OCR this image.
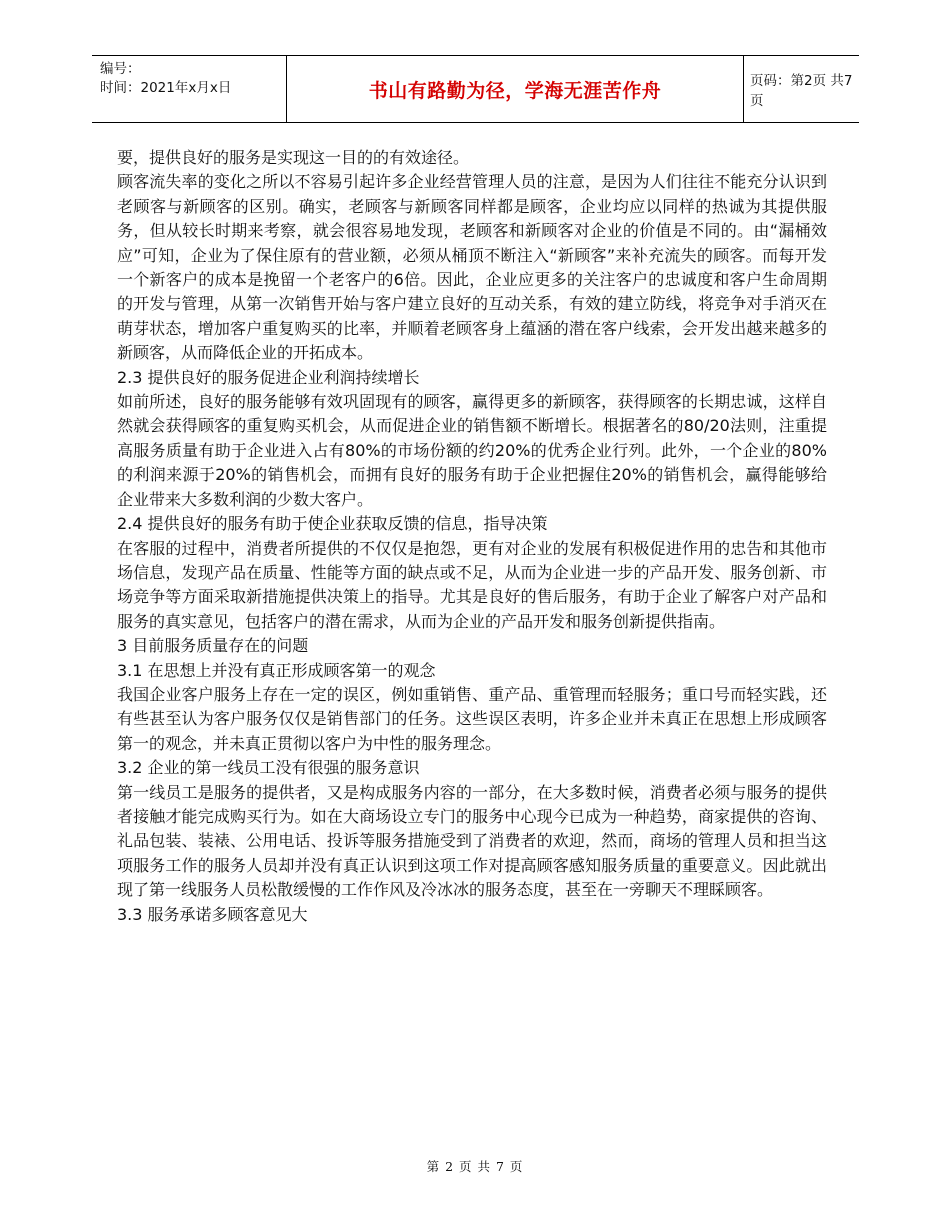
编号：
时间：2021年x月x日	书山有路勤为径，学海无涯苦作舟	页码：第2页 共7页

要，提供良好的服务是实现这一目的的有效途径。

顾客流失率的变化之所以不容易引起许多企业经营管理人员的注意，是因为人们往往不能充分认识到老顾客与新顾客的区别。确实，老顾客与新顾客同样都是顾客，企业均应以同样的热诚为其提供服务，但从较长时期来考察，就会很容易地发现，老顾客和新顾客对企业的价值是不同的。由“漏桶效应”可知，企业为了保住原有的营业额，必须从桶顶不断注入“新顾客”来补充流失的顾客。而每开发一个新客户的成本是挽留一个老客户的6倍。因此，企业应更多的关注客户的忠诚度和客户生命周期的开发与管理，从第一次销售开始与客户建立良好的互动关系，有效的建立防线，将竞争对手消灭在萌芽状态，增加客户重复购买的比率，并顺着老顾客身上蕴涵的潜在客户线索，会开发出越来越多的新顾客，从而降低企业的开拓成本。

2.3 提供良好的服务促进企业利润持续增长

如前所述，良好的服务能够有效巩固现有的顾客，赢得更多的新顾客，获得顾客的长期忠诚，这样自然就会获得顾客的重复购买机会，从而促进企业的销售额不断增长。根据著名的80/20法则，注重提高服务质量有助于企业进入占有80%的市场份额的约20%的优秀企业行列。此外，一个企业的80%的利润来源于20%的销售机会，而拥有良好的服务有助于企业把握住20%的销售机会，赢得能够给企业带来大多数利润的少数大客户。

2.4 提供良好的服务有助于使企业获取反馈的信息，指导决策

在客服的过程中，消费者所提供的不仅仅是抱怨，更有对企业的发展有积极促进作用的忠告和其他市场信息，发现产品在质量、性能等方面的缺点或不足，从而为企业进一步的产品开发、服务创新、市场竞争等方面采取新措施提供决策上的指导。尤其是良好的售后服务，有助于企业了解客户对产品和服务的真实意见，包括客户的潜在需求，从而为企业的产品开发和服务创新提供指南。

3 目前服务质量存在的问题

3.1 在思想上并没有真正形成顾客第一的观念

我国企业客户服务上存在一定的误区，例如重销售、重产品、重管理而轻服务；重口号而轻实践，还有些甚至认为客户服务仅仅是销售部门的任务。这些误区表明，许多企业并未真正在思想上形成顾客第一的观念，并未真正贯彻以客户为中性的服务理念。

3.2 企业的第一线员工没有很强的服务意识

第一线员工是服务的提供者，又是构成服务内容的一部分，在大多数时候，消费者必须与服务的提供者接触才能完成购买行为。如在大商场设立专门的服务中心现今已成为一种趋势，商家提供的咨询、礼品包装、装裱、公用电话、投诉等服务措施受到了消费者的欢迎，然而，商场的管理人员和担当这项服务工作的服务人员却并没有真正认识到这项工作对提高顾客感知服务质量的重要意义。因此就出现了第一线服务人员松散缓慢的工作作风及冷冰冰的服务态度，甚至在一旁聊天不理睬顾客。

3.3 服务承诺多顾客意见大

第 2 页 共 7 页
